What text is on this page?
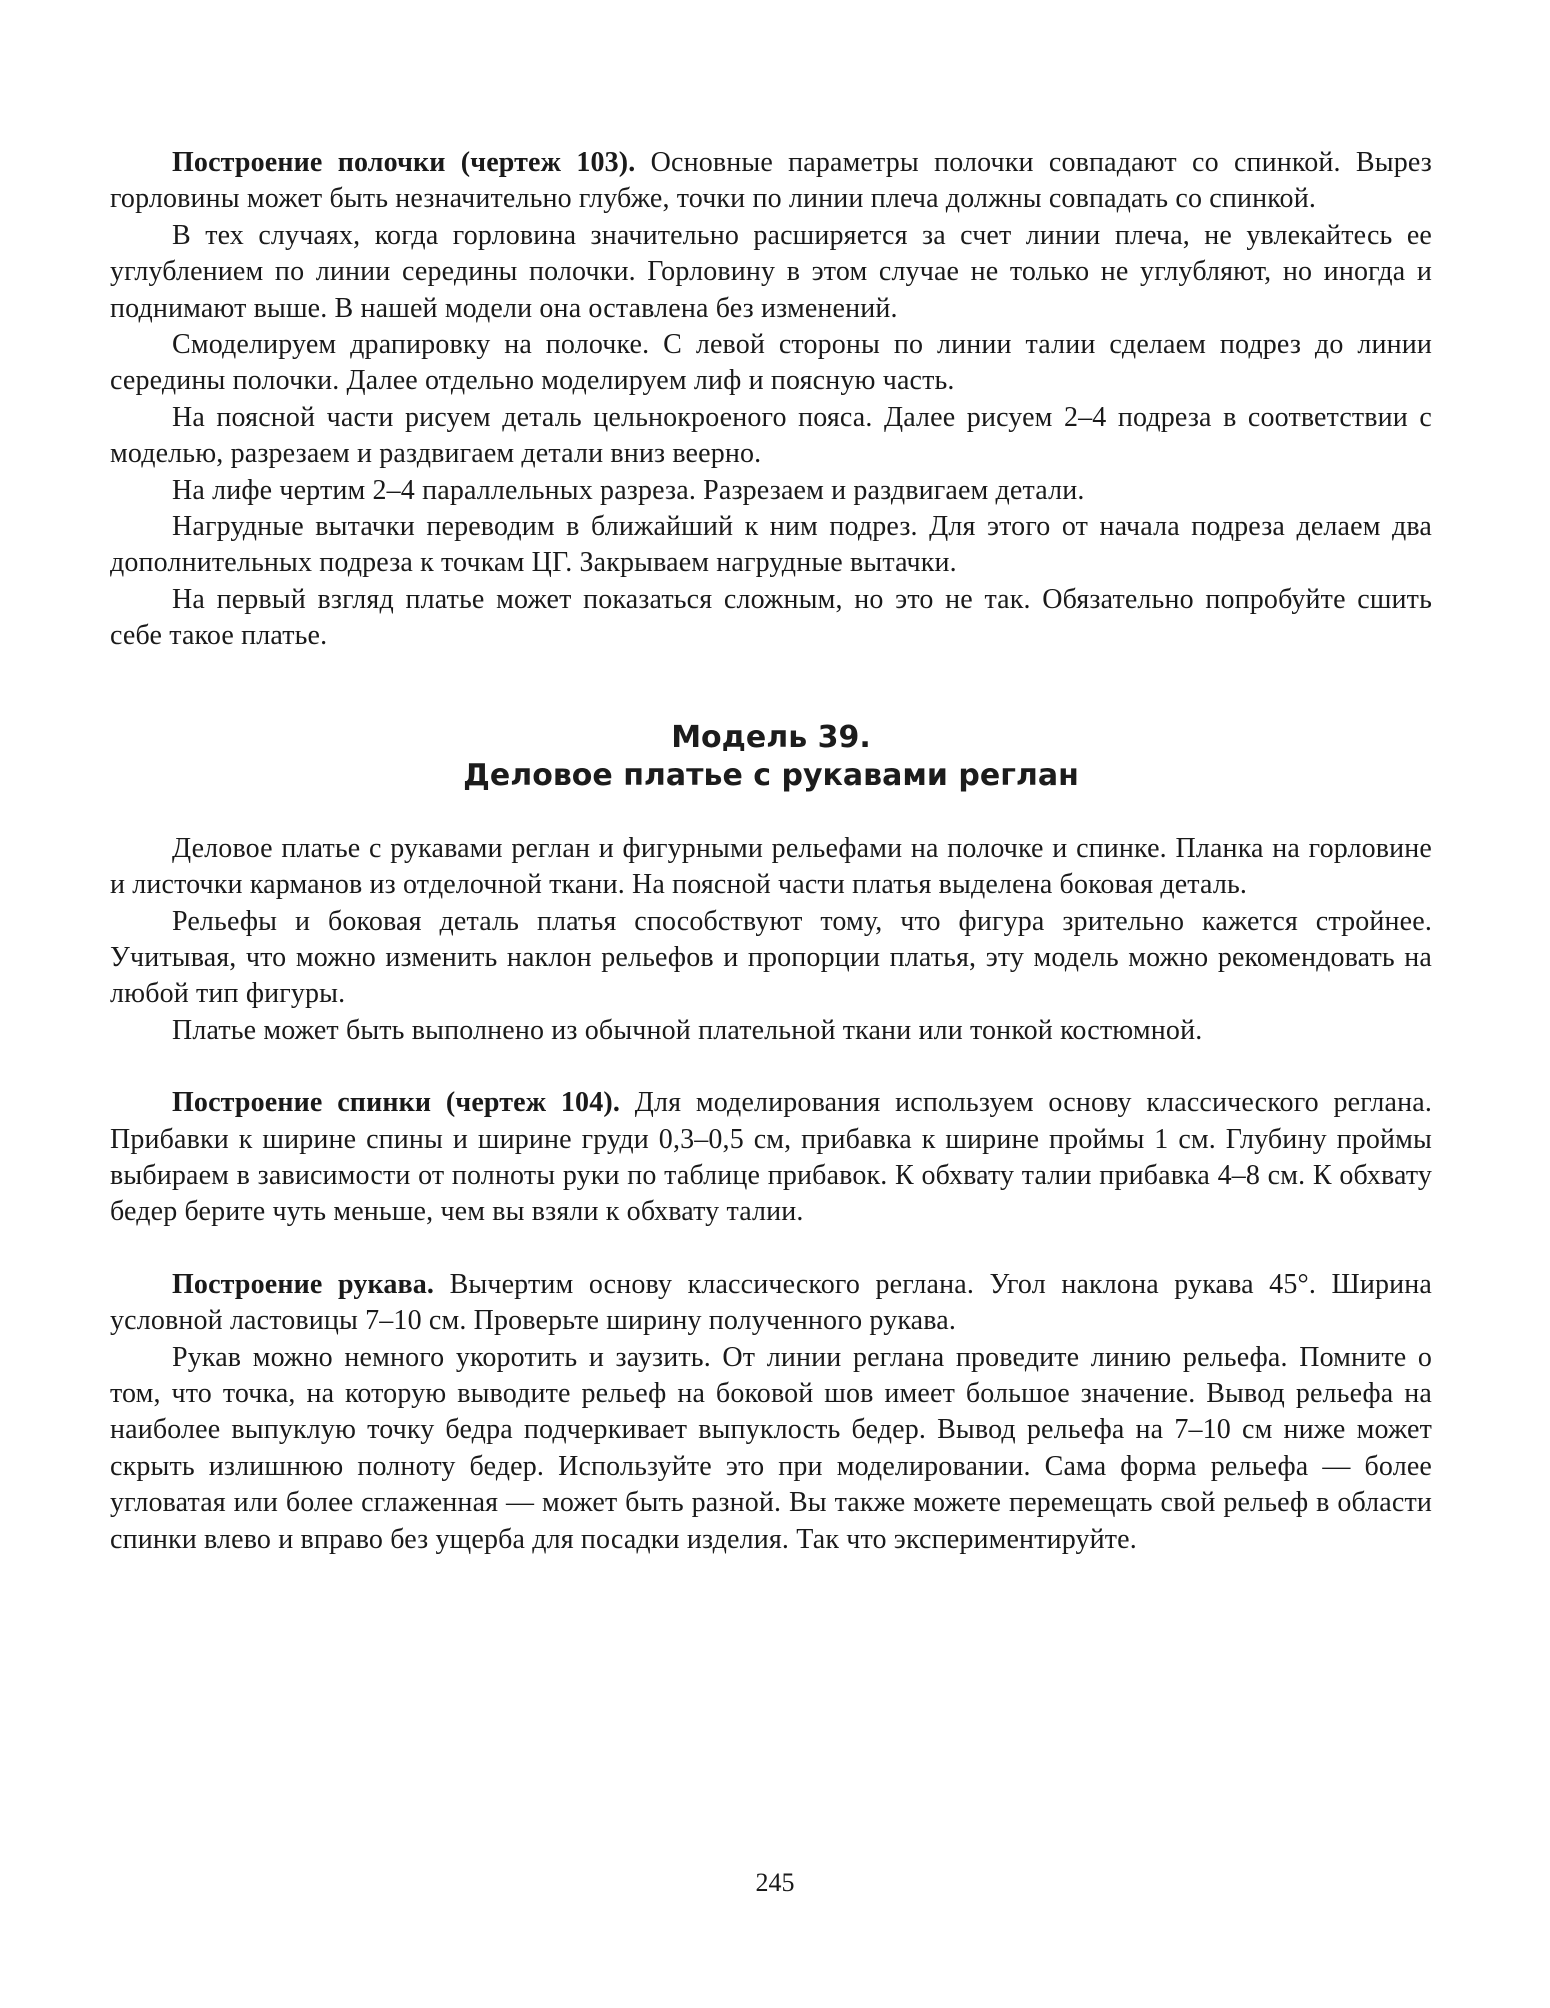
Построение полочки (чертеж 103). Основные параметры полочки совпадают со спинкой. Вырез горловины может быть незначительно глубже, точки по линии плеча должны совпадать со спинкой.

В тех случаях, когда горловина значительно расширяется за счет линии плеча, не увлекайтесь ее углублением по линии середины полочки. Горловину в этом случае не только не углубляют, но иногда и поднимают выше. В нашей модели она оставлена без изменений.

Смоделируем драпировку на полочке. С левой стороны по линии талии сделаем подрез до линии середины полочки. Далее отдельно моделируем лиф и поясную часть.

На поясной части рисуем деталь цельнокроеного пояса. Далее рисуем 2–4 подреза в соответствии с моделью, разрезаем и раздвигаем детали вниз веерно.

На лифе чертим 2–4 параллельных разреза. Разрезаем и раздвигаем детали.

Нагрудные вытачки переводим в ближайший к ним подрез. Для этого от начала подреза делаем два дополнительных подреза к точкам ЦГ. Закрываем нагрудные вытачки.

На первый взгляд платье может показаться сложным, но это не так. Обязательно попробуйте сшить себе такое платье.

Модель 39.
Деловое платье с рукавами реглан

Деловое платье с рукавами реглан и фигурными рельефами на полочке и спинке. Планка на горловине и листочки карманов из отделочной ткани. На поясной части платья выделена боковая деталь.

Рельефы и боковая деталь платья способствуют тому, что фигура зрительно кажется стройнее. Учитывая, что можно изменить наклон рельефов и пропорции платья, эту модель можно рекомендовать на любой тип фигуры.

Платье может быть выполнено из обычной плательной ткани или тонкой костюмной.

Построение спинки (чертеж 104). Для моделирования используем основу классического реглана. Прибавки к ширине спины и ширине груди 0,3–0,5 см, прибавка к ширине проймы 1 см. Глубину проймы выбираем в зависимости от полноты руки по таблице прибавок. К обхвату талии прибавка 4–8 см. К обхвату бедер берите чуть меньше, чем вы взяли к обхвату талии.

Построение рукава. Вычертим основу классического реглана. Угол наклона рукава 45°. Ширина условной ластовицы 7–10 см. Проверьте ширину полученного рукава.

Рукав можно немного укоротить и заузить. От линии реглана проведите линию рельефа. Помните о том, что точка, на которую выводите рельеф на боковой шов имеет большое значение. Вывод рельефа на наиболее выпуклую точку бедра подчеркивает выпуклость бедер. Вывод рельефа на 7–10 см ниже может скрыть излишнюю полноту бедер. Используйте это при моделировании. Сама форма рельефа — более угловатая или более сглаженная — может быть разной. Вы также можете перемещать свой рельеф в области спинки влево и вправо без ущерба для посадки изделия. Так что экспериментируйте.

245
